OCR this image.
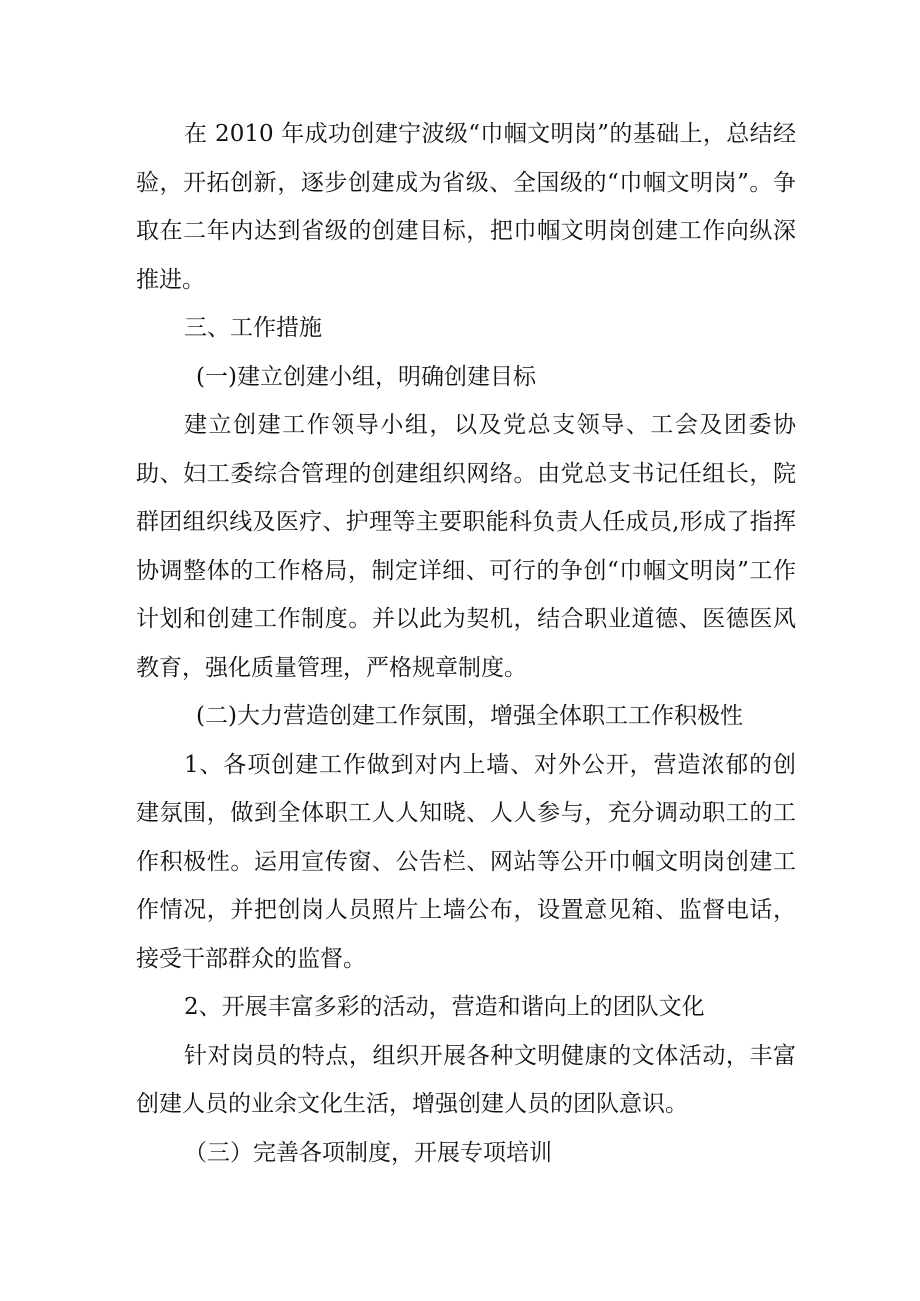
在 2010 年成功创建宁波级“巾帼文明岗”的基础上，总结经验，开拓创新，逐步创建成为省级、全国级的“巾帼文明岗”。争取在二年内达到省级的创建目标，把巾帼文明岗创建工作向纵深推进。

三、工作措施

(一)建立创建小组，明确创建目标

建立创建工作领导小组，以及党总支领导、工会及团委协助、妇工委综合管理的创建组织网络。由党总支书记任组长，院群团组织线及医疗、护理等主要职能科负责人任成员,形成了指挥协调整体的工作格局，制定详细、可行的争创“巾帼文明岗”工作计划和创建工作制度。并以此为契机，结合职业道德、医德医风教育，强化质量管理，严格规章制度。

(二)大力营造创建工作氛围，增强全体职工工作积极性

1、各项创建工作做到对内上墙、对外公开，营造浓郁的创建氛围，做到全体职工人人知晓、人人参与，充分调动职工的工作积极性。运用宣传窗、公告栏、网站等公开巾帼文明岗创建工作情况，并把创岗人员照片上墙公布，设置意见箱、监督电话，接受干部群众的监督。

2、开展丰富多彩的活动，营造和谐向上的团队文化

针对岗员的特点，组织开展各种文明健康的文体活动，丰富创建人员的业余文化生活，增强创建人员的团队意识。

（三）完善各项制度，开展专项培训
